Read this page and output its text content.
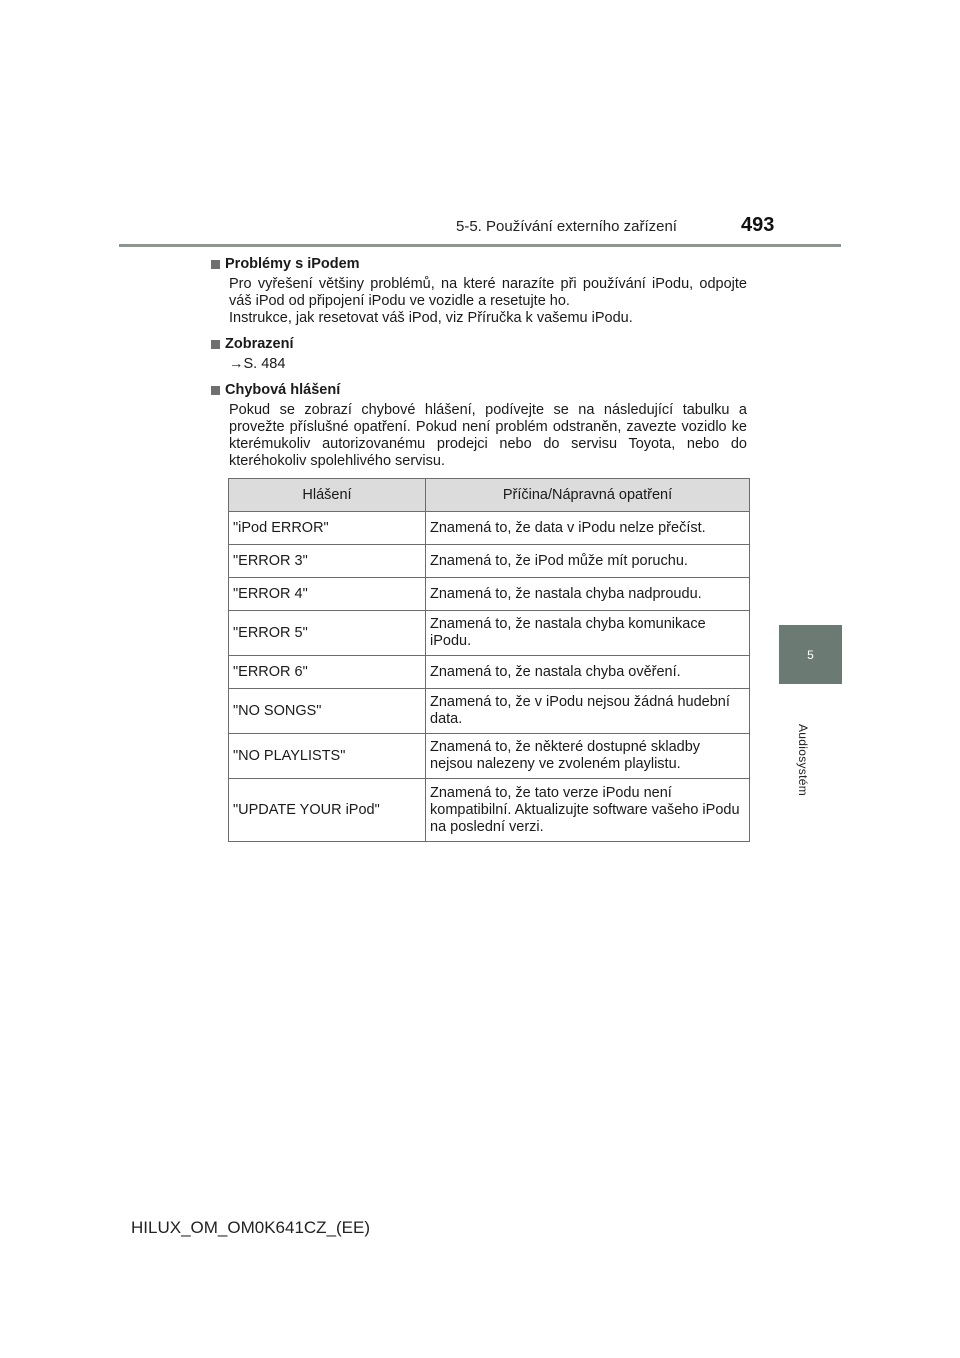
5-5. Používání externího zařízení	493
5
Audiosystém
Problémy s iPodem
Pro vyřešení většiny problémů, na které narazíte při používání iPodu, odpojte váš iPod od připojení iPodu ve vozidle a resetujte ho.
Instrukce, jak resetovat váš iPod, viz Příručka k vašemu iPodu.
Zobrazení
→S. 484
Chybová hlášení
Pokud se zobrazí chybové hlášení, podívejte se na následující tabulku a provežte příslušné opatření. Pokud není problém odstraněn, zavezte vozidlo ke kterémukoliv autorizovanému prodejci nebo do servisu Toyota, nebo do kteréhokoliv spolehlivého servisu.
Hlášení	Příčina/Nápravná opatření
"iPod ERROR"	Znamená to, že data v iPodu nelze přečíst.
"ERROR 3"	Znamená to, že iPod může mít poruchu.
"ERROR 4"	Znamená to, že nastala chyba nadproudu.
"ERROR 5"	Znamená to, že nastala chyba komunikace iPodu.
"ERROR 6"	Znamená to, že nastala chyba ověření.
"NO SONGS"	Znamená to, že v iPodu nejsou žádná hudební data.
"NO PLAYLISTS"	Znamená to, že některé dostupné skladby nejsou nalezeny ve zvoleném playlistu.
"UPDATE YOUR iPod"	Znamená to, že tato verze iPodu není kompatibilní. Aktualizujte software vašeho iPodu na poslední verzi.
HILUX_OM_OM0K641CZ_(EE)
